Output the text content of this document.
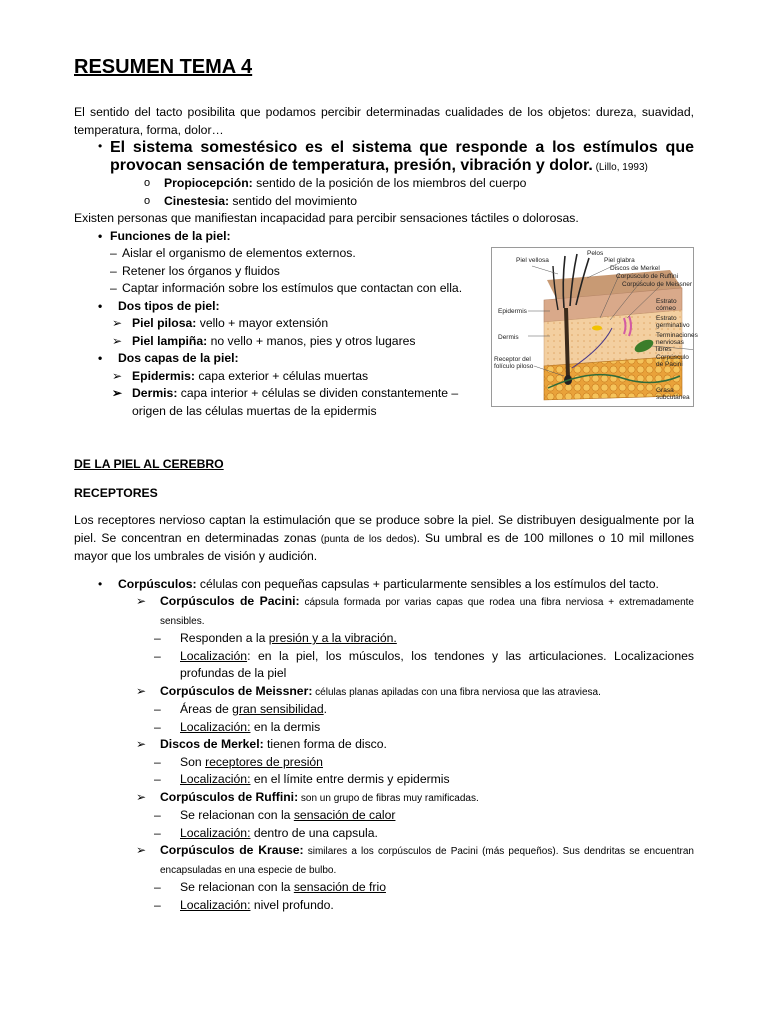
RESUMEN TEMA 4

El sentido del tacto posibilita que podamos percibir determinadas cualidades de los objetos: dureza, suavidad, temperatura, forma, dolor…

• El sistema somestésico es el sistema que responde a los estímulos que provocan sensación de temperatura, presión, vibración y dolor. (Lillo, 1993)
o Propiocepción: sentido de la posición de los miembros del cuerpo
o Cinestesia: sentido del movimiento

Existen personas que manifiestan incapacidad para percibir sensaciones táctiles o dolorosas.

• Funciones de la piel:
– Aislar el organismo de elementos externos.
– Retener los órganos y fluidos
– Captar información sobre los estímulos que contactan con ella.
• Dos tipos de piel:
➢ Piel pilosa: vello + mayor extensión
➢ Piel lampiña: no vello + manos, pies y otros lugares
• Dos capas de la piel:
➢ Epidermis: capa exterior + células muertas
➢ Dermis: capa interior + células se dividen constantemente – origen de las células muertas de la epidermis
Pelos
Piel vellosa	Piel glabra
Discos de Merkel
Corpúsculo de Ruffini
Corpúsculo de Meissner
Estrato córneo
Estrato germinativo
Epidermis
Terminaciones nerviosas libres
Dermis
Receptor del folículo piloso
Corpúsculo de Pacini
Grasa subcutánea

DE LA PIEL AL CEREBRO

RECEPTORES

Los receptores nervioso captan la estimulación que se produce sobre la piel. Se distribuyen desigualmente por la piel. Se concentran en determinadas zonas (punta de los dedos). Su umbral es de 100 millones o 10 mil millones mayor que los umbrales de visión y audición.

• Corpúsculos: células con pequeñas capsulas + particularmente sensibles a los estímulos del tacto.
➢ Corpúsculos de Pacini: cápsula formada por varias capas que rodea una fibra nerviosa + extremadamente sensibles.
– Responden a la presión y a la vibración.
– Localización: en la piel, los músculos, los tendones y las articulaciones. Localizaciones profundas de la piel
➢ Corpúsculos de Meissner: células planas apiladas con una fibra nerviosa que las atraviesa.
– Áreas de gran sensibilidad.
– Localización: en la dermis
➢ Discos de Merkel: tienen forma de disco.
– Son receptores de presión
– Localización: en el límite entre dermis y epidermis
➢ Corpúsculos de Ruffini: son un grupo de fibras muy ramificadas.
– Se relacionan con la sensación de calor
– Localización: dentro de una capsula.
➢ Corpúsculos de Krause: similares a los corpúsculos de Pacini (más pequeños). Sus dendritas se encuentran encapsuladas en una especie de bulbo.
– Se relacionan con la sensación de frio
– Localización: nivel profundo.
